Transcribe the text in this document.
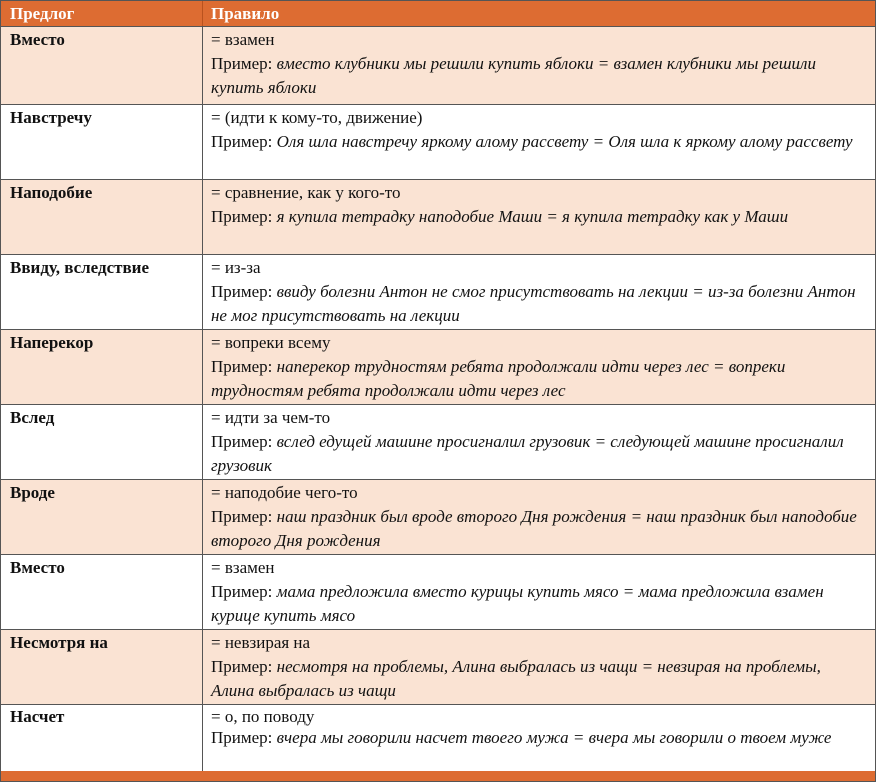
Предлог	Правило
Вместо	= взамен
Пример: вместо клубники мы решили купить яблоки = взамен клубники мы решили купить яблоки
Навстречу	= (идти к кому-то, движение)
Пример: Оля шла навстречу яркому алому рассвету = Оля шла к яркому алому рассвету
Наподобие	= сравнение, как у кого-то
Пример: я купила тетрадку наподобие Маши = я купила тетрадку как у Маши
Ввиду, вследствие	= из-за
Пример: ввиду болезни Антон не смог присутствовать на лекции = из-за болезни Антон не мог присутствовать на лекции
Наперекор	= вопреки всему
Пример: наперекор трудностям ребята продолжали идти через лес = вопреки трудностям ребята продолжали идти через лес
Вслед	= идти за чем-то
Пример: вслед едущей машине просигналил грузовик = следующей машине просигналил грузовик
Вроде	= наподобие чего-то
Пример: наш праздник был вроде второго Дня рождения = наш праздник был наподобие второго Дня рождения
Вместо	= взамен
Пример: мама предложила вместо курицы купить мясо = мама предложила взамен курице купить мясо
Несмотря на	= невзирая на
Пример: несмотря на проблемы, Алина выбралась из чащи = невзирая на проблемы, Алина выбралась из чащи
Насчет	= о, по поводу
Пример: вчера мы говорили насчет твоего мужа = вчера мы говорили о твоем муже
